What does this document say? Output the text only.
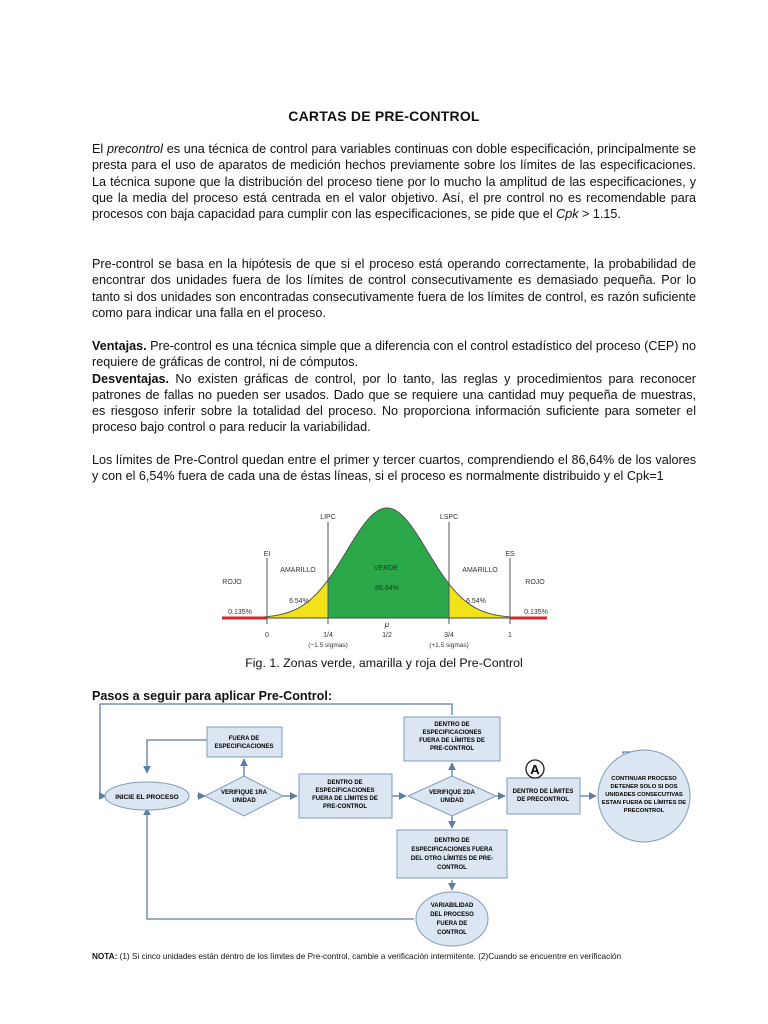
CARTAS DE PRE-CONTROL

El precontrol es una técnica de control para variables continuas con doble especificación, principalmente se presta para el uso de aparatos de medición hechos previamente sobre los límites de las especificaciones. La técnica supone que la distribución del proceso tiene por lo mucho la amplitud de las especificaciones, y que la media del proceso está centrada en el valor objetivo. Así, el pre control no es recomendable para procesos con baja capacidad para cumplir con las especificaciones, se pide que el Cpk > 1.15.

Pre-control se basa en la hipótesis de que si el proceso está operando correctamente, la probabilidad de encontrar dos unidades fuera de los límites de control consecutivamente es demasiado pequeña. Por lo tanto si dos unidades son encontradas consecutivamente fuera de los límites de control, es razón suficiente como para indicar una falla en el proceso.

Ventajas. Pre-control es una técnica simple que a diferencia con el control estadístico del proceso (CEP) no requiere de gráficas de control, ni de cómputos.
Desventajas. No existen gráficas de control, por lo tanto, las reglas y procedimientos para reconocer patrones de fallas no pueden ser usados. Dado que se requiere una cantidad muy pequeña de muestras, es riesgoso inferir sobre la totalidad del proceso. No proporciona información suficiente para someter el proceso bajo control o para reducir la variabilidad.

Los límites de Pre-Control quedan entre el primer y tercer cuartos, comprendiendo el 86,64% de los valores y con el 6,54% fuera de cada una de éstas líneas, si el proceso es normalmente distribuido y el Cpk=1

LIPC	LSPC
EI	ES
ROJO	ROJO
AMARILLO	AMARILLO
VERDE
86.64%
6.54%	6.54%
0.135%	0.135%
μ
0	1/4	1/2	3/4	1
(−1.5 sigmas)	(+1.5 sigmas)
Fig. 1. Zonas verde, amarilla y roja del Pre-Control
Pasos a seguir para aplicar Pre-Control:
INICIE EL PROCESO
VERIFIQUE 1RA
UNIDAD
FUERA DE
ESPECIFICACIONES
DENTRO DE
ESPECIFICACIONES
FUERA DE LÍMITES DE
PRE-CONTROL
DENTRO DE
ESPECIFICACIONES
FUERA DE LÍMITES DE
PRE-CONTROL
VERIFIQUE 2DA
UNIDAD
DENTRO DE LÍMITES
DE PRECONTROL
A
CONTINUAR PROCESO
DETENER SOLO SI DOS
UNIDADES CONSECUTIVAS
ESTAN FUERA DE LÍMITES DE
PRECONTROL
DENTRO DE
ESPECIFICACIONES FUERA
DEL OTRO LÍMITES DE PRE-
CONTROL
VARIABILIDAD
DEL PROCESO
FUERA DE
CONTROL
NOTA: (1) Si cinco unidades están dentro de los límites de Pre-control, cambie a verificación intermitente. (2)Cuando se encuentre en verificación
